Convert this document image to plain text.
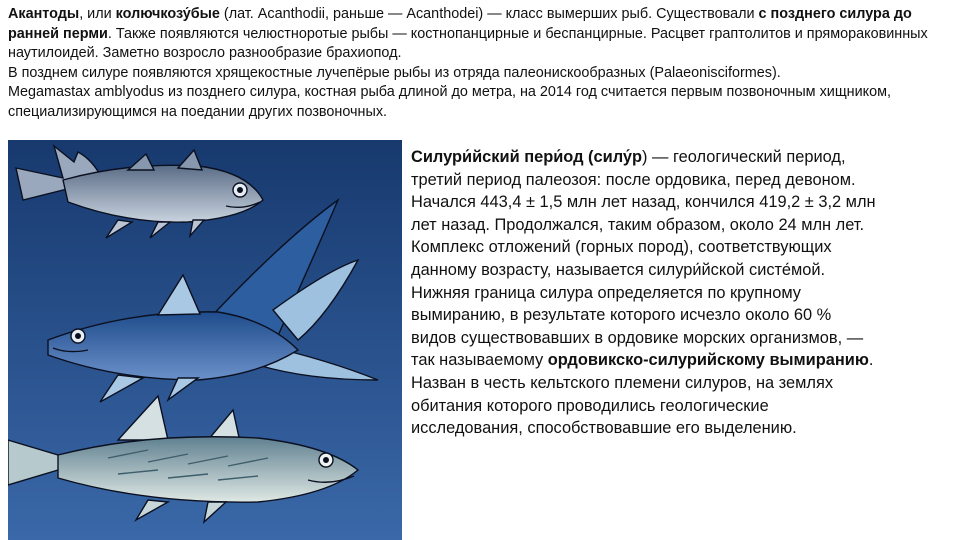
Акантоды, или колючкозу́бые (лат. Acanthodii, раньше — Acanthodei) — класс вымерших рыб. Существовали с позднего силура до ранней перми. Также появляются челюстноротые рыбы — костнопанцирные и беспанцирные. Расцвет граптолитов и прямораковинных наутилоидей. Заметно возросло разнообразие брахиопод.

В позднем силуре появляются хрящекостные лучепёрые рыбы из отряда палеонискообразных (Palaeonisciformes).

Megamastax amblyodus из позднего силура, костная рыба длиной до метра, на 2014 год считается первым позвоночным хищником, специализирующимся на поедании других позвоночных.

Силури́йский пери́од (силу́р) — геологический период, третий период палеозоя: после ордовика, перед девоном. Начался 443,4 ± 1,5 млн лет назад, кончился 419,2 ± 3,2 млн лет назад. Продолжался, таким образом, около 24 млн лет. Комплекс отложений (горных пород), соответствующих данному возрасту, называется силури́йской систе́мой.

Нижняя граница силура определяется по крупному вымиранию, в результате которого исчезло около 60 % видов существовавших в ордовике морских организмов, — так называемому ордовикско-силурийскому вымиранию. Назван в честь кельтского племени силуров, на землях обитания которого проводились геологические исследования, способствовавшие его выделению.
